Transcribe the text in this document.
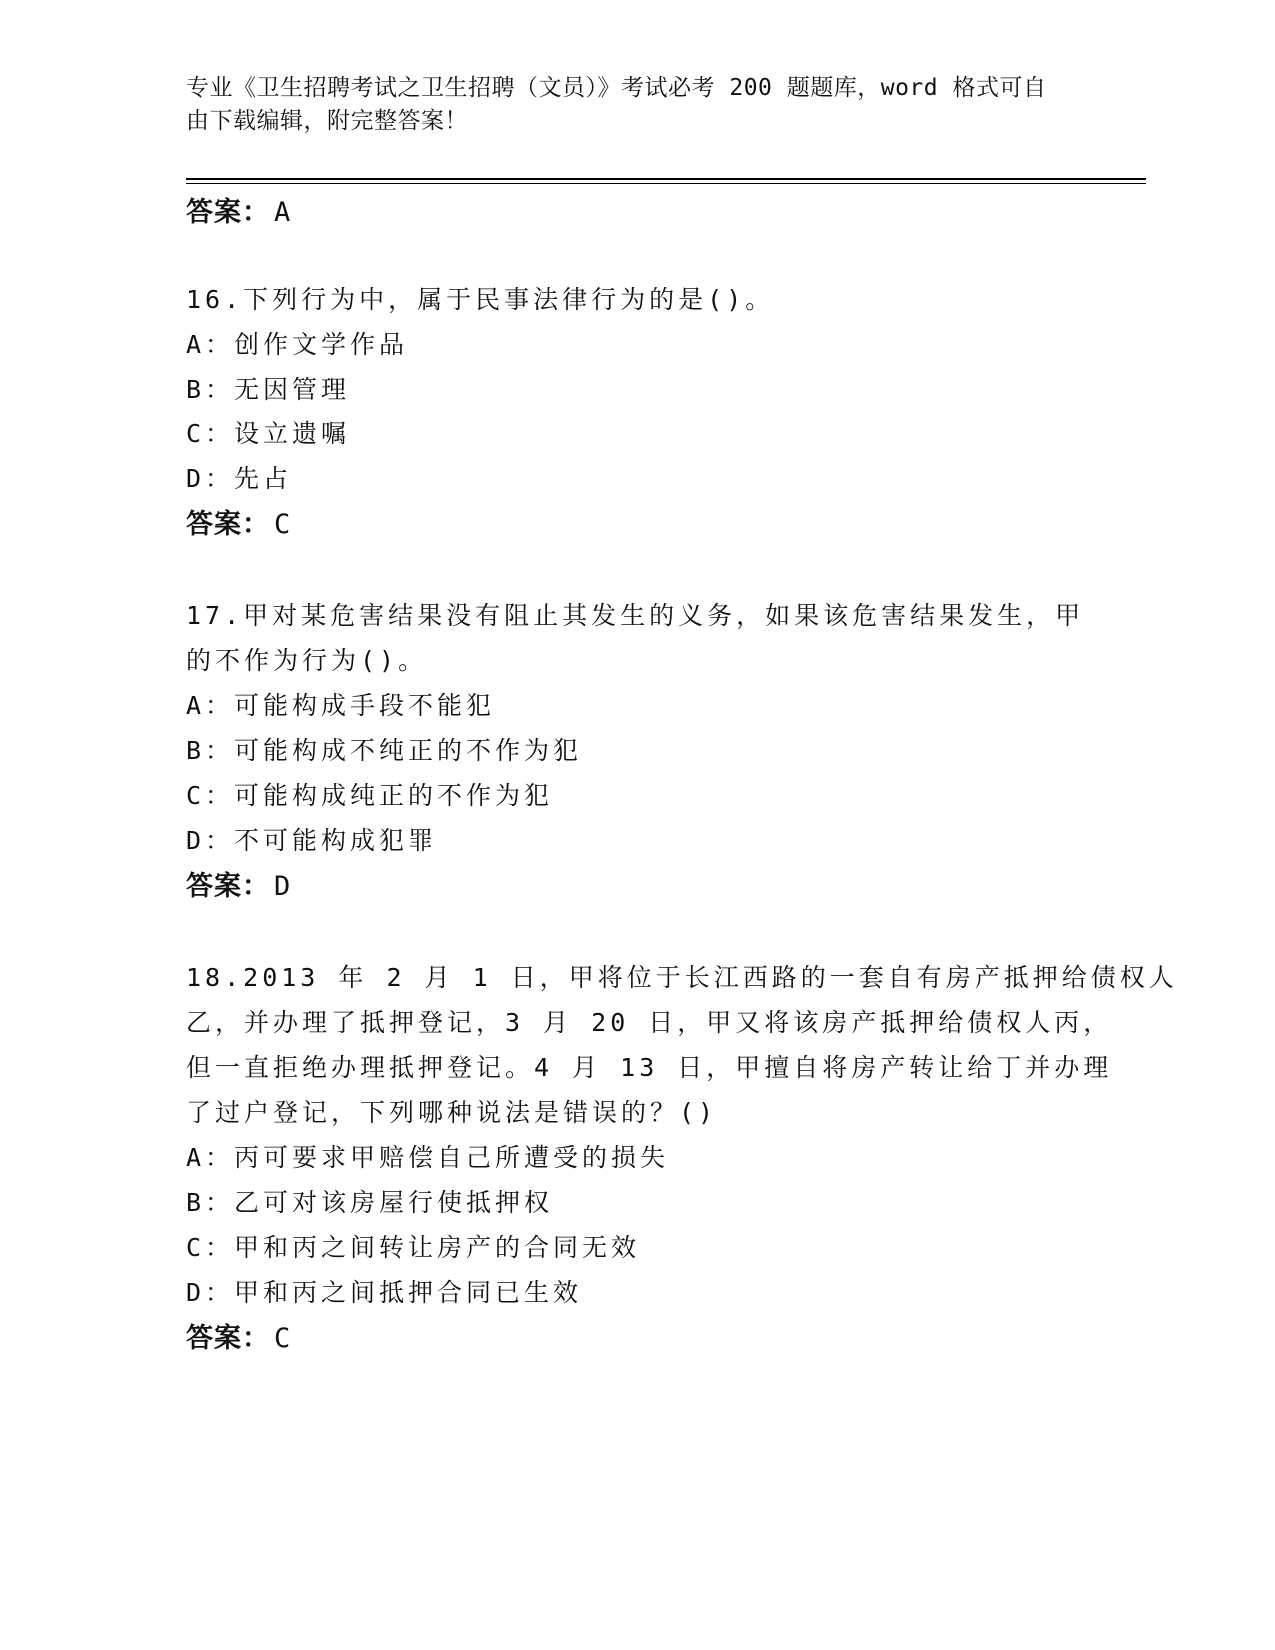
专业《卫生招聘考试之卫生招聘（文员）》考试必考 200 题题库，word 格式可自
由下载编辑，附完整答案！
答案： A
16.下列行为中，属于民事法律行为的是()。
A：创作文学作品
B：无因管理
C：设立遗嘱
D：先占
答案： C
17.甲对某危害结果没有阻止其发生的义务，如果该危害结果发生，甲
的不作为行为()。
A：可能构成手段不能犯
B：可能构成不纯正的不作为犯
C：可能构成纯正的不作为犯
D：不可能构成犯罪
答案： D
18.2013 年 2 月 1 日，甲将位于长江西路的一套自有房产抵押给债权人
乙，并办理了抵押登记，3 月 20 日，甲又将该房产抵押给债权人丙，
但一直拒绝办理抵押登记。4 月 13 日，甲擅自将房产转让给丁并办理
了过户登记，下列哪种说法是错误的？()
A：丙可要求甲赔偿自己所遭受的损失
B：乙可对该房屋行使抵押权
C：甲和丙之间转让房产的合同无效
D：甲和丙之间抵押合同已生效
答案： C
